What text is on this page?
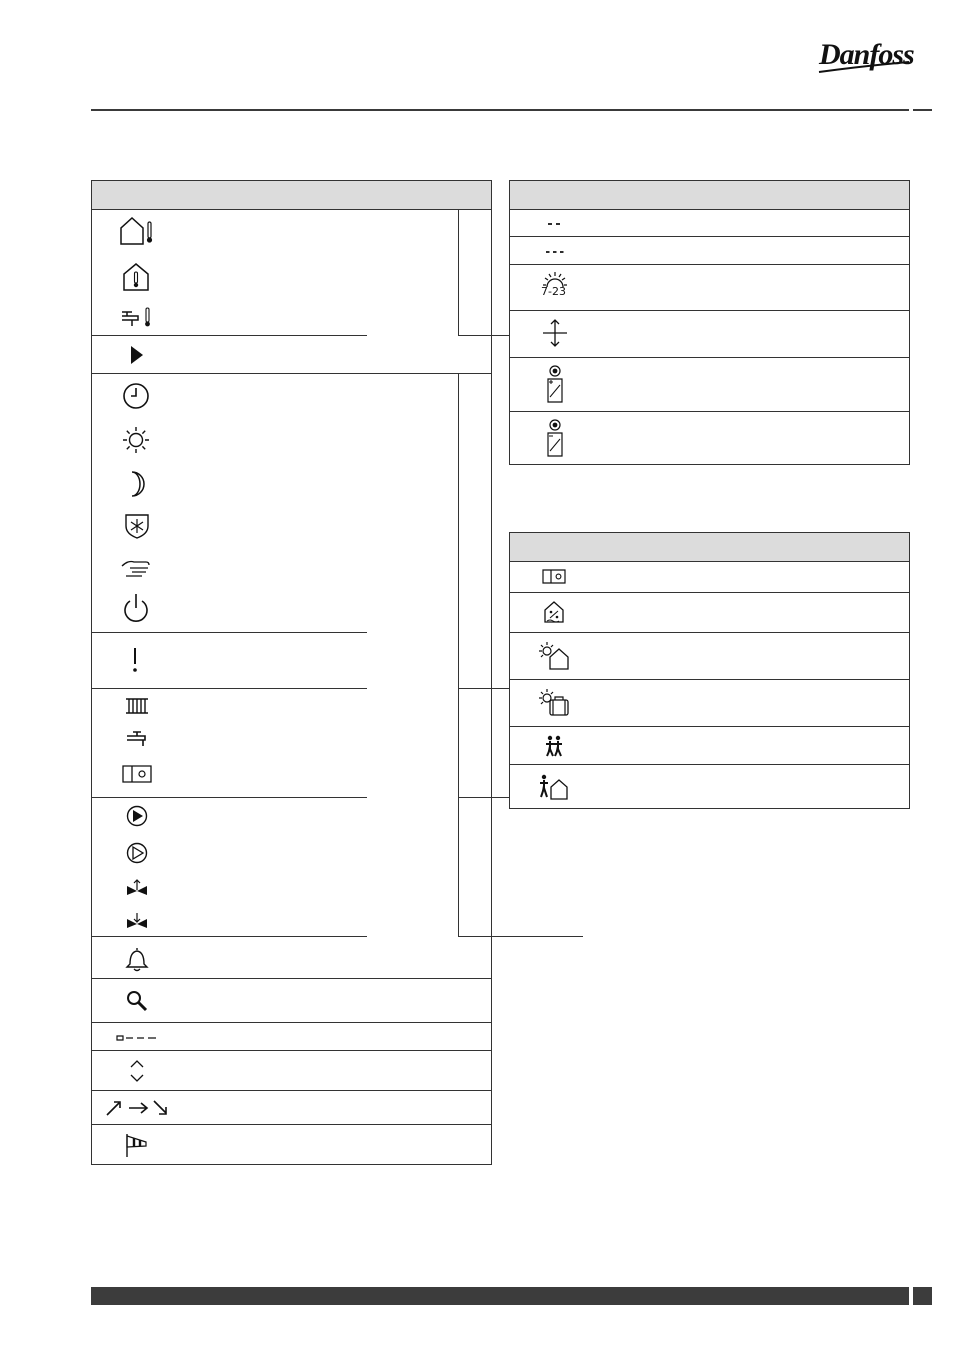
Danfoss
7-23
